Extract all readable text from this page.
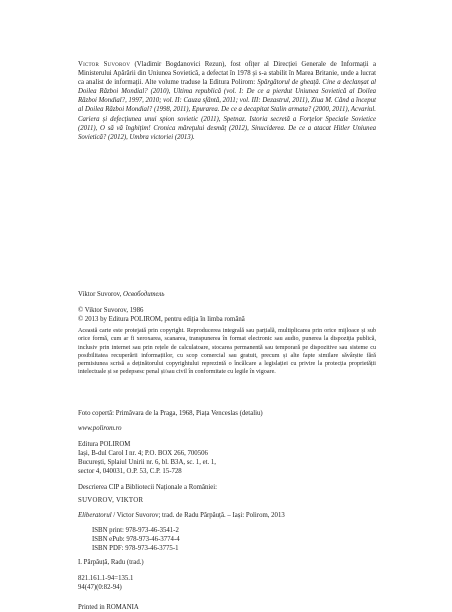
Victor Suvorov (Vladimir Bogdanovici Rezun), fost ofițer al Direcției Generale de Informații a Ministerului Apărării din Uniunea Sovietică, a defectat în 1978 și s-a stabilit în Marea Britanie, unde a lucrat ca analist de informații. Alte volume traduse la Editura Polirom: Spărgătorul de gheață. Cine a declanșat al Doilea Război Mondial? (2010), Ultima republică (vol. I: De ce a pierdut Uniunea Sovietică al Doilea Război Mondial?, 1997, 2010; vol. II: Cauza sfântă, 2011; vol. III: Dezastrul, 2011), Ziua M. Când a început al Doilea Război Mondial? (1998, 2011), Epurarea. De ce a decapitat Stalin armata? (2000, 2011), Acvariul. Cariera și defecțiunea unui spion sovietic (2011), Spetnaz. Istoria secretă a Forțelor Speciale Sovietice (2011), O să vă înghițim! Cronica măreţului desmăț (2012), Sinuciderea. De ce a atacat Hitler Uniunea Sovietică? (2012), Umbra victoriei (2013).

Viktor Suvorov, Освободитель
© Viktor Suvorov, 1986
© 2013 by Editura POLIROM, pentru ediția în limba română
Această carte este protejată prin copyright. Reproducerea integrală sau parțială, multiplicarea prin orice mijloace și sub orice formă, cum ar fi xeroxarea, scanarea, transpunerea în format electronic sau audio, punerea la dispoziția publică, inclusiv prin internet sau prin rețele de calculatoare, stocarea permanentă sau temporară pe dispozitive sau sisteme cu posibilitatea recuperării informațiilor, cu scop comercial sau gratuit, precum și alte fapte similare săvârșite fără permisiunea scrisă a deținătorului copyrightului reprezintă o încălcare a legislației cu privire la protecția proprietății intelectuale și se pedepsesc penal și/sau civil în conformitate cu legile în vigoare.
Foto copertă: Primăvara de la Praga, 1968, Piața Venceslas (detaliu)
www.polirom.ro
Editura POLIROM
Iași, B-dul Carol I nr. 4; P.O. BOX 266, 700506
București, Splaiul Unirii nr. 6, bl. B3A, sc. 1, et. 1,
sector 4, 040031, O.P. 53, C.P. 15-728
Descrierea CIP a Bibliotecii Naționale a României:
SUVOROV, VIKTOR
Eliberatorul / Victor Suvorov; trad. de Radu Părpăuță. – Iași: Polirom, 2013
ISBN print: 978-973-46-3541-2
ISBN ePub: 978-973-46-3774-4
ISBN PDF: 978-973-46-3775-1
I. Părpăuță, Radu (trad.)
821.161.1-94=135.1
94(47)(0:82-94)
Printed in ROMANIA
